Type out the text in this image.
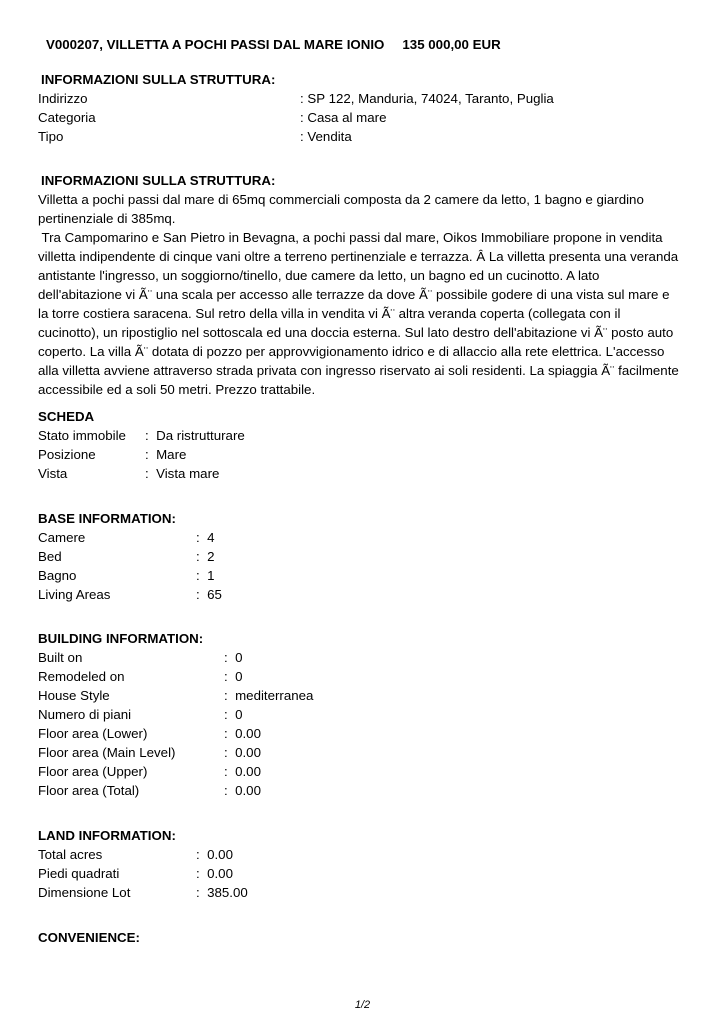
V000207, VILLETTA A POCHI PASSI DAL MARE IONIO 135 000,00 EUR
INFORMAZIONI SULLA STRUTTURA:
Indirizzo	: SP 122, Manduria, 74024, Taranto, Puglia
Categoria	: Casa al mare
Tipo	: Vendita
INFORMAZIONI SULLA STRUTTURA:
Villetta a pochi passi dal mare di 65mq commerciali composta da 2 camere da letto, 1 bagno e giardino
pertinenziale di 385mq.
Tra Campomarino e San Pietro in Bevagna, a pochi passi dal mare, Oikos Immobiliare propone in vendita
villetta indipendente di cinque vani oltre a terreno pertinenziale e terrazza. Â La villetta presenta una veranda
antistante l'ingresso, un soggiorno/tinello, due camere da letto, un bagno ed un cucinotto. A lato
dell'abitazione vi Ã¨ una scala per accesso alle terrazze da dove Ã¨ possibile godere di una vista sul mare e
la torre costiera saracena. Sul retro della villa in vendita vi Ã¨ altra veranda coperta (collegata con il
cucinotto), un ripostiglio nel sottoscala ed una doccia esterna. Sul lato destro dell'abitazione vi Ã¨ posto auto
coperto. La villa Ã¨ dotata di pozzo per approvvigionamento idrico e di allaccio alla rete elettrica. L'accesso
alla villetta avviene attraverso strada privata con ingresso riservato ai soli residenti. La spiaggia Ã¨ facilmente
accessibile ed a soli 50 metri. Prezzo trattabile.
SCHEDA
Stato immobile	: Da ristrutturare
Posizione	: Mare
Vista	: Vista mare
BASE INFORMATION:
Camere	: 4
Bed	: 2
Bagno	: 1
Living Areas	: 65
BUILDING INFORMATION:
Built on	: 0
Remodeled on	: 0
House Style	: mediterranea
Numero di piani	: 0
Floor area (Lower)	: 0.00
Floor area (Main Level)	: 0.00
Floor area (Upper)	: 0.00
Floor area (Total)	: 0.00
LAND INFORMATION:
Total acres	: 0.00
Piedi quadrati	: 0.00
Dimensione Lot	: 385.00
CONVENIENCE:
1/2
